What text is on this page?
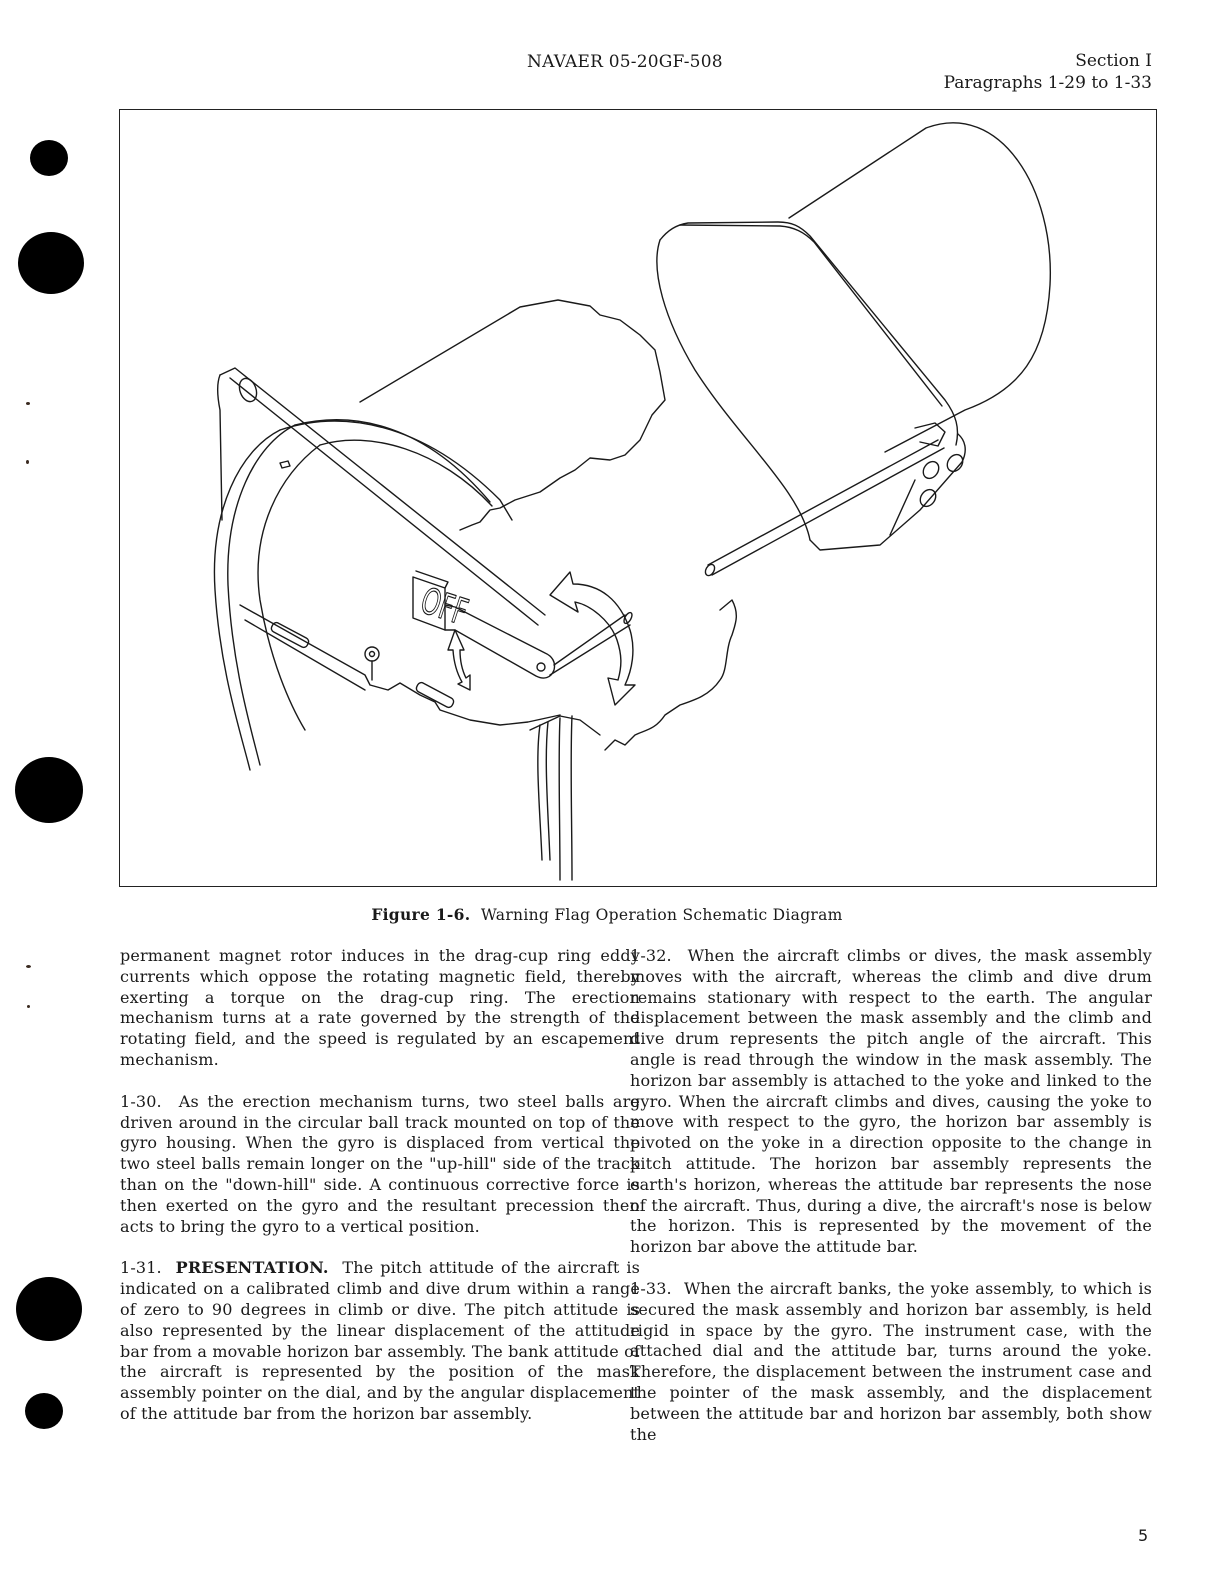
NAVAER 05-20GF-508	Section I
Paragraphs 1-29 to 1-33
OFF
Figure 1-6. Warning Flag Operation Schematic Diagram

permanent magnet rotor induces in the drag-cup ring eddy currents which oppose the rotating magnetic field, thereby exerting a torque on the drag-cup ring. The erection mechanism turns at a rate governed by the strength of the rotating field, and the speed is regulated by an escapement mechanism.

1-30. As the erection mechanism turns, two steel balls are driven around in the circular ball track mounted on top of the gyro housing. When the gyro is displaced from vertical the two steel balls remain longer on the "up-hill" side of the track than on the "down-hill" side. A continuous corrective force is then exerted on the gyro and the resultant precession then acts to bring the gyro to a vertical position.

1-31. PRESENTATION. The pitch attitude of the aircraft is indicated on a calibrated climb and dive drum within a range of zero to 90 degrees in climb or dive. The pitch attitude is also represented by the linear displacement of the attitude bar from a movable horizon bar assembly. The bank attitude of the aircraft is represented by the position of the mask assembly pointer on the dial, and by the angular displacement of the attitude bar from the horizon bar assembly.

1-32. When the aircraft climbs or dives, the mask assembly moves with the aircraft, whereas the climb and dive drum remains stationary with respect to the earth. The angular displacement between the mask assembly and the climb and dive drum represents the pitch angle of the aircraft. This angle is read through the window in the mask assembly. The horizon bar assembly is attached to the yoke and linked to the gyro. When the aircraft climbs and dives, causing the yoke to move with respect to the gyro, the horizon bar assembly is pivoted on the yoke in a direction opposite to the change in pitch attitude. The horizon bar assembly represents the earth's horizon, whereas the attitude bar represents the nose of the aircraft. Thus, during a dive, the aircraft's nose is below the horizon. This is represented by the movement of the horizon bar above the attitude bar.

1-33. When the aircraft banks, the yoke assembly, to which is secured the mask assembly and horizon bar assembly, is held rigid in space by the gyro. The instrument case, with the attached dial and the attitude bar, turns around the yoke. Therefore, the displacement between the instrument case and the pointer of the mask assembly, and the displacement between the attitude bar and horizon bar assembly, both show the

5
